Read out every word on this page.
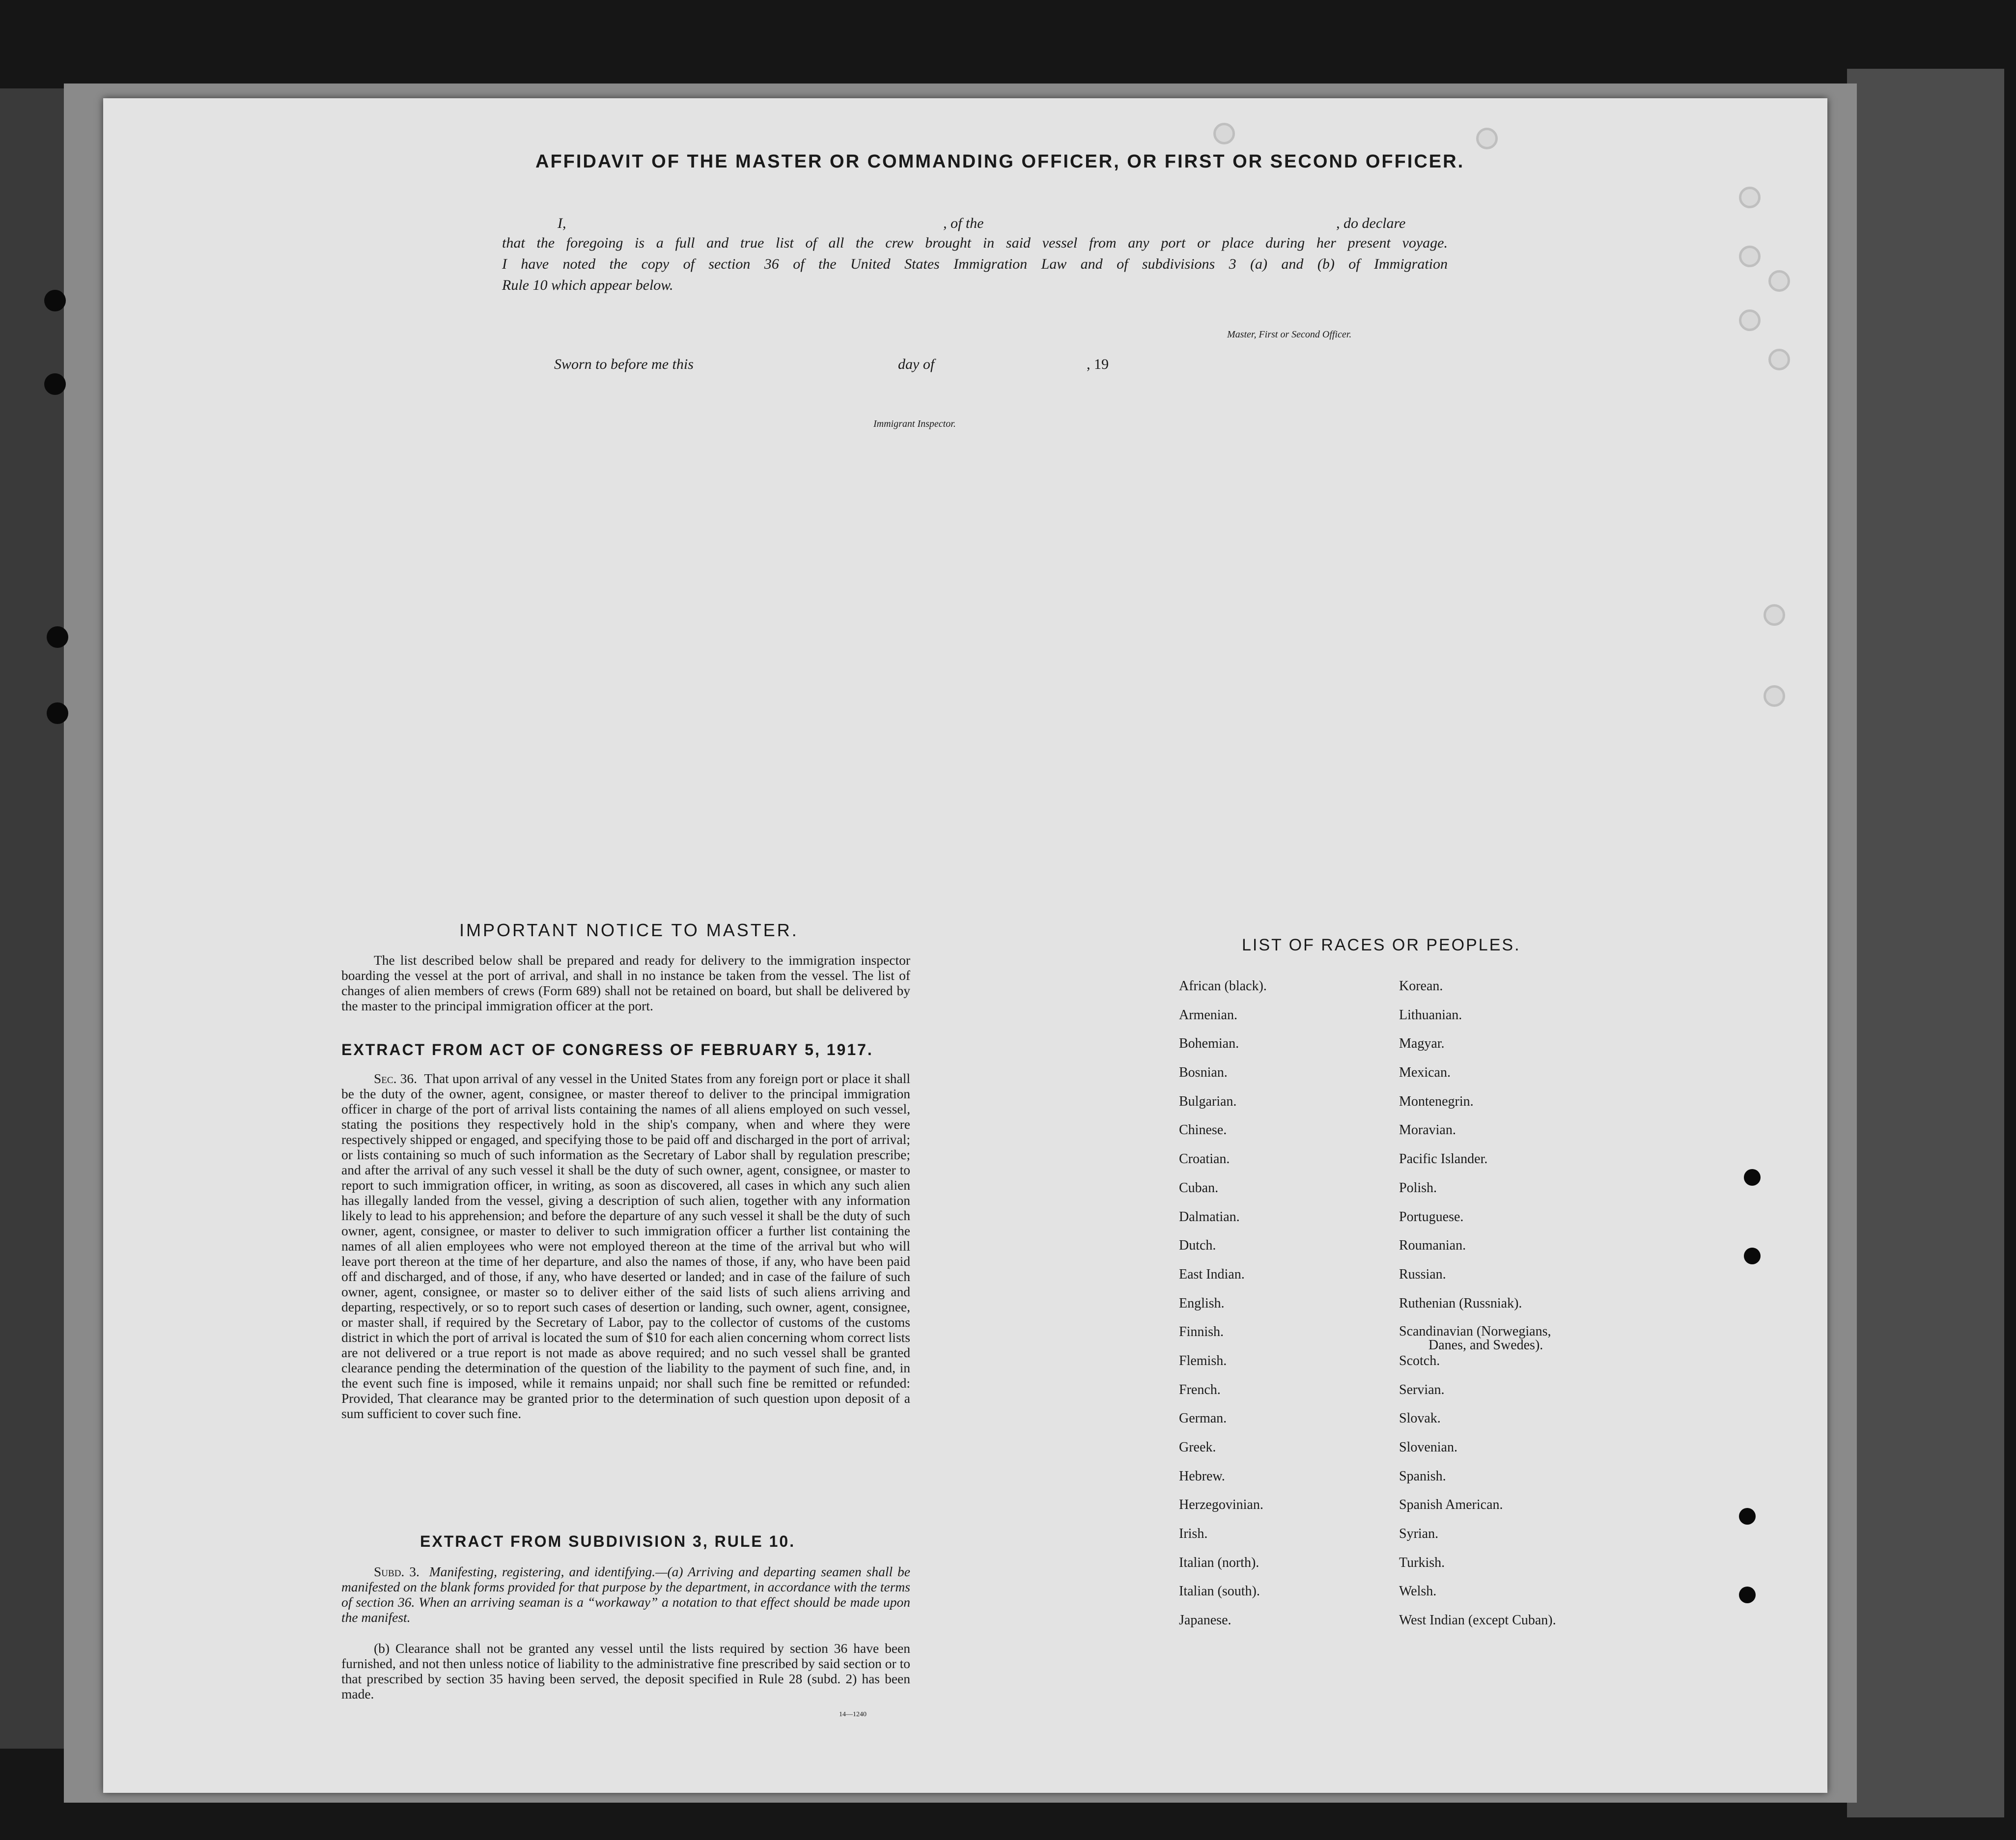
AFFIDAVIT OF THE MASTER OR COMMANDING OFFICER, OR FIRST OR SECOND OFFICER.
I,	, of the	, do declare
that the foregoing is a full and true list of all the crew brought in said vessel from any port or place during her present voyage.
I have noted the copy of section 36 of the United States Immigration Law and of subdivisions 3 (a) and (b) of Immigration
Rule 10 which appear below.
Master, First or Second Officer.
Sworn to before me this	day of	, 19
Immigrant Inspector.
IMPORTANT NOTICE TO MASTER.

The list described below shall be prepared and ready for delivery to the immigration inspector boarding the vessel at the port of arrival, and shall in no instance be taken from the vessel. The list of changes of alien members of crews (Form 689) shall not be retained on board, but shall be delivered by the master to the principal immigration officer at the port.

EXTRACT FROM ACT OF CONGRESS OF FEBRUARY 5, 1917.

Sec. 36. That upon arrival of any vessel in the United States from any foreign port or place it shall be the duty of the owner, agent, consignee, or master thereof to deliver to the principal immigration officer in charge of the port of arrival lists containing the names of all aliens employed on such vessel, stating the positions they respectively hold in the ship's company, when and where they were respectively shipped or engaged, and specifying those to be paid off and discharged in the port of arrival; or lists containing so much of such information as the Secretary of Labor shall by regulation prescribe; and after the arrival of any such vessel it shall be the duty of such owner, agent, consignee, or master to report to such immigration officer, in writing, as soon as discovered, all cases in which any such alien has illegally landed from the vessel, giving a description of such alien, together with any information likely to lead to his apprehension; and before the departure of any such vessel it shall be the duty of such owner, agent, consignee, or master to deliver to such immigration officer a further list containing the names of all alien employees who were not employed thereon at the time of the arrival but who will leave port thereon at the time of her departure, and also the names of those, if any, who have been paid off and discharged, and of those, if any, who have deserted or landed; and in case of the failure of such owner, agent, consignee, or master so to deliver either of the said lists of such aliens arriving and departing, respectively, or so to report such cases of desertion or landing, such owner, agent, consignee, or master shall, if required by the Secretary of Labor, pay to the collector of customs of the customs district in which the port of arrival is located the sum of $10 for each alien concerning whom correct lists are not delivered or a true report is not made as above required; and no such vessel shall be granted clearance pending the determination of the question of the liability to the payment of such fine, and, in the event such fine is imposed, while it remains unpaid; nor shall such fine be remitted or refunded: Provided, That clearance may be granted prior to the determination of such question upon deposit of a sum sufficient to cover such fine.

EXTRACT FROM SUBDIVISION 3, RULE 10.

Subd. 3. Manifesting, registering, and identifying.—(a) Arriving and departing seamen shall be manifested on the blank forms provided for that purpose by the department, in accordance with the terms of section 36. When an arriving seaman is a “workaway” a notation to that effect should be made upon the manifest.

(b) Clearance shall not be granted any vessel until the lists required by section 36 have been furnished, and not then unless notice of liability to the administrative fine prescribed by said section or to that prescribed by section 35 having been served, the deposit specified in Rule 28 (subd. 2) has been made.

14—1240
LIST OF RACES OR PEOPLES.
African (black).
Armenian.
Bohemian.
Bosnian.
Bulgarian.
Chinese.
Croatian.
Cuban.
Dalmatian.
Dutch.
East Indian.
English.
Finnish.
Flemish.
French.
German.
Greek.
Hebrew.
Herzegovinian.
Irish.
Italian (north).
Italian (south).
Japanese.
Korean.
Lithuanian.
Magyar.
Mexican.
Montenegrin.
Moravian.
Pacific Islander.
Polish.
Portuguese.
Roumanian.
Russian.
Ruthenian (Russniak).
Scandinavian (Norwegians,
Danes, and Swedes).
Scotch.
Servian.
Slovak.
Slovenian.
Spanish.
Spanish American.
Syrian.
Turkish.
Welsh.
West Indian (except Cuban).
